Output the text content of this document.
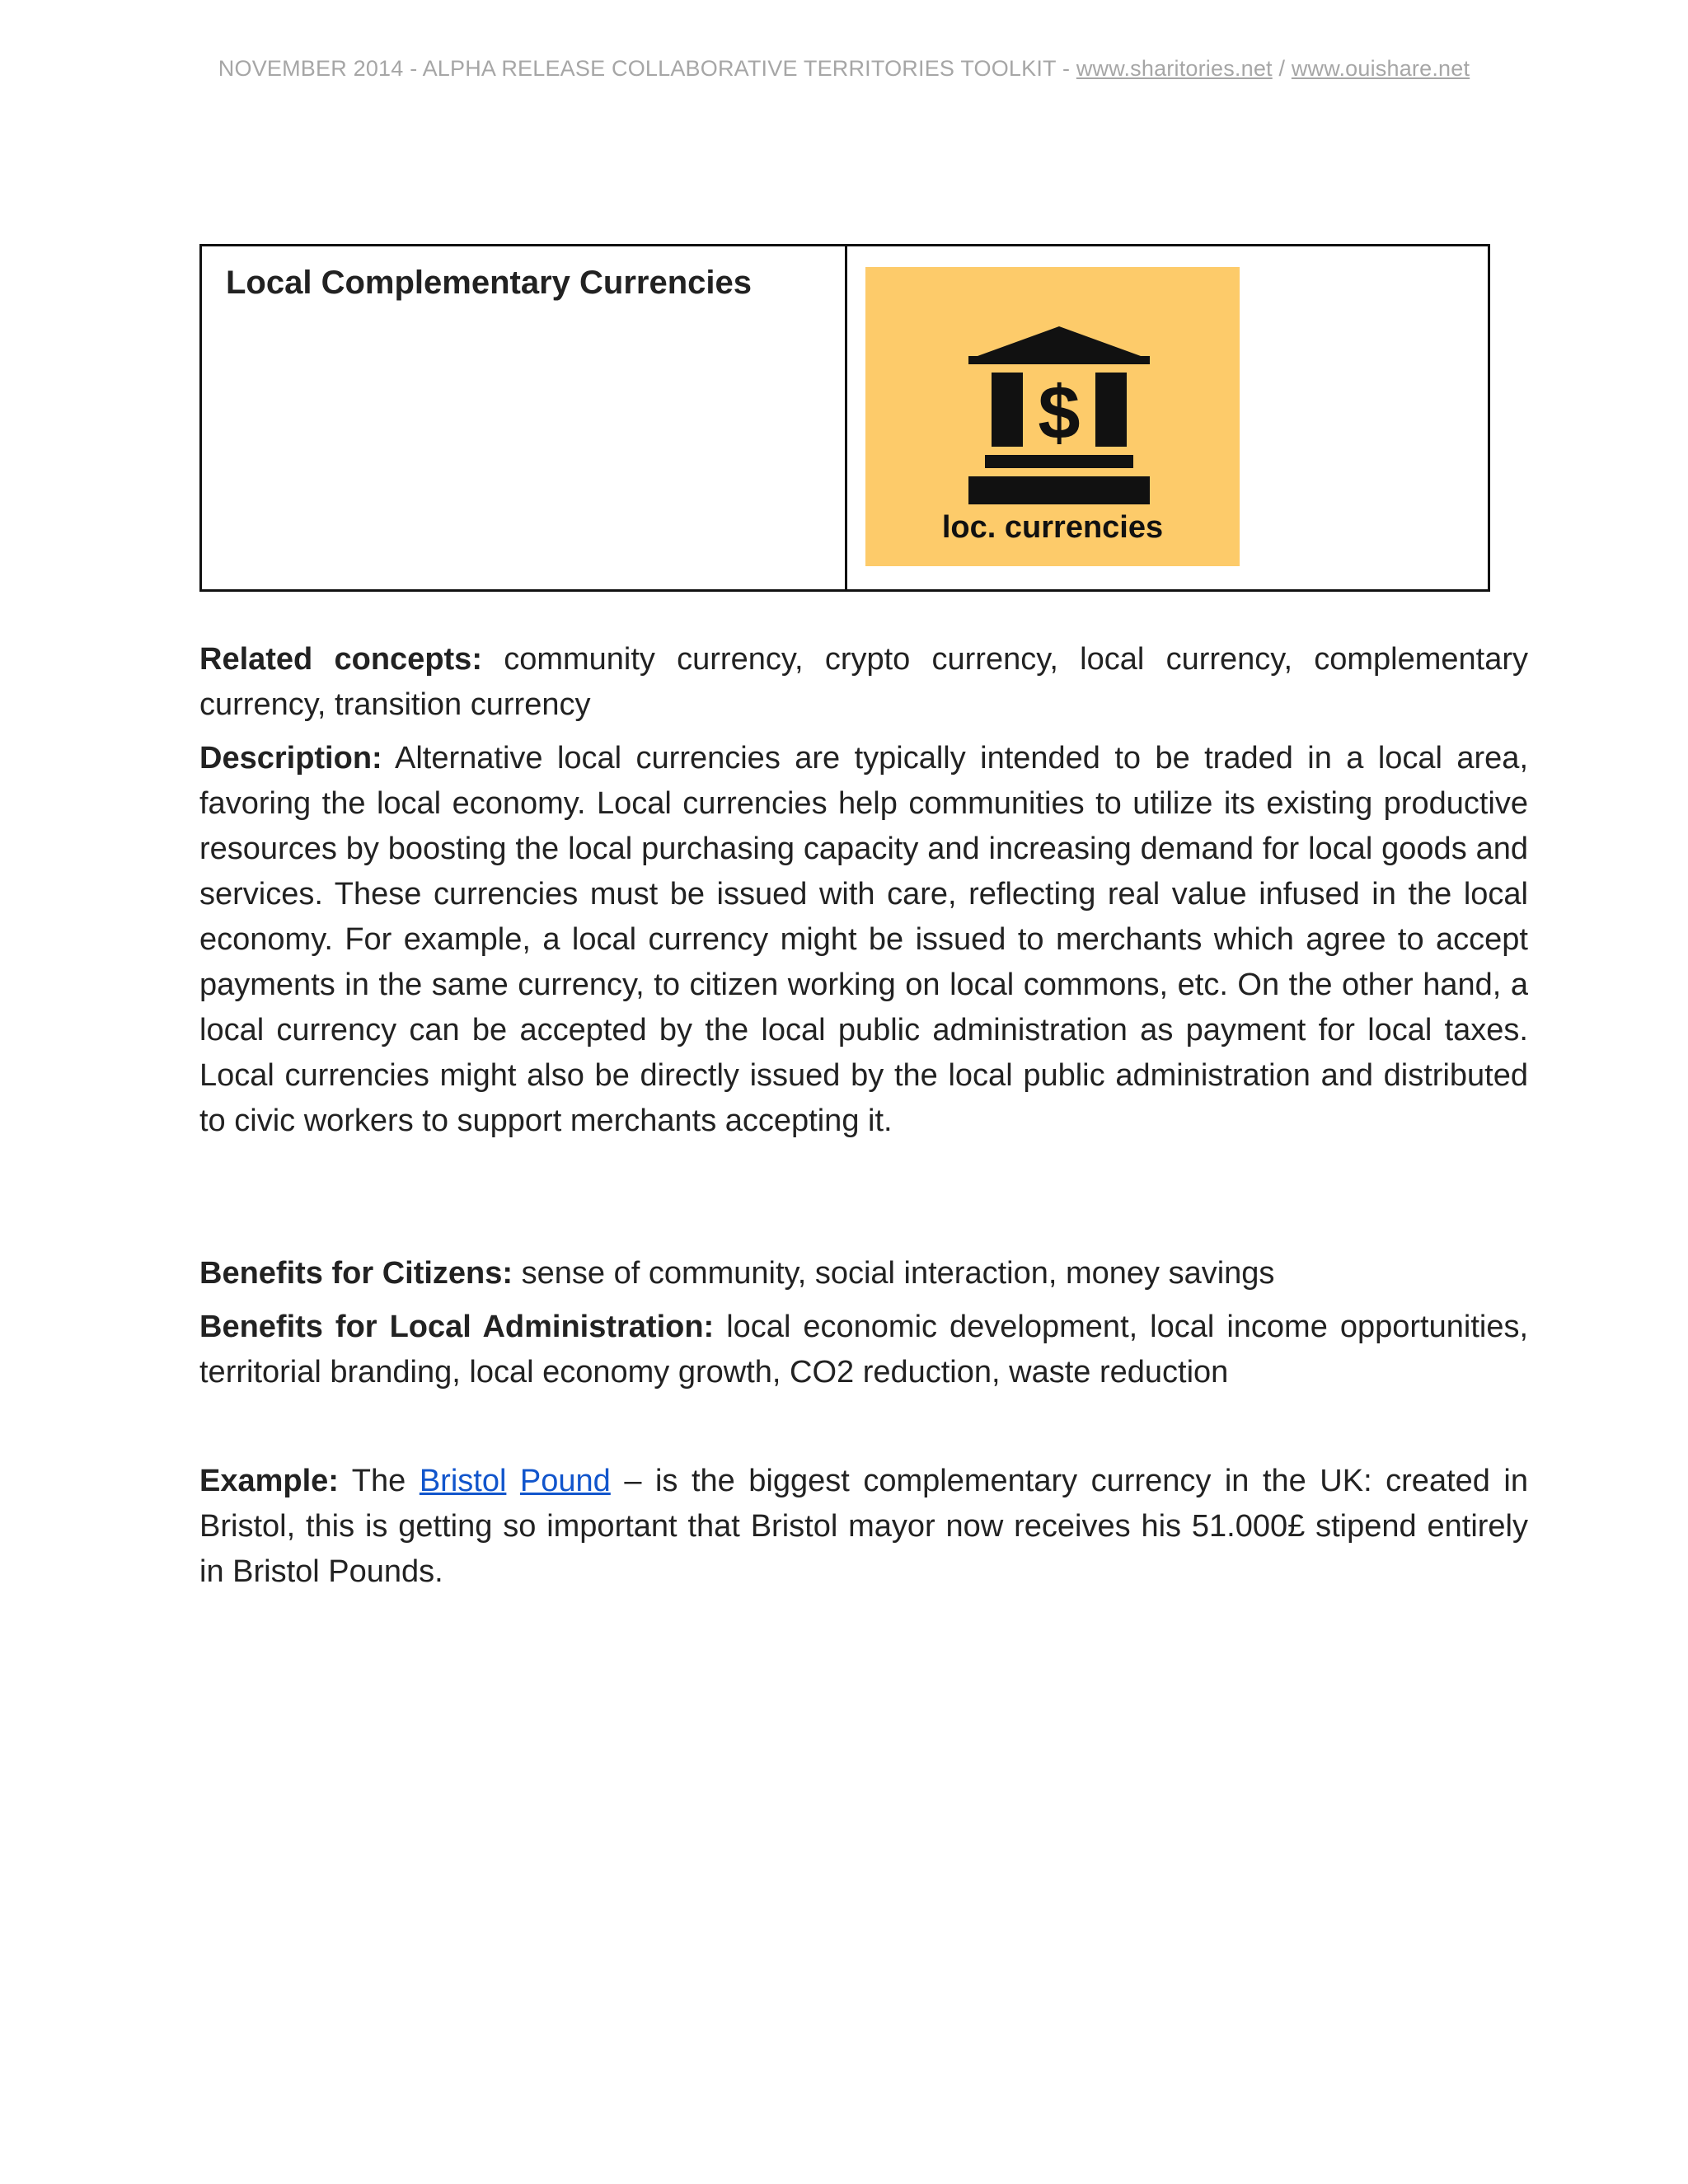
NOVEMBER 2014 - ALPHA RELEASE COLLABORATIVE TERRITORIES TOOLKIT - www.sharitories.net / www.ouishare.net
Local Complementary Currencies
$
loc. currencies
Related concepts: community currency, crypto currency, local currency, complementary currency, transition currency
Description: Alternative local currencies are typically intended to be traded in a local area, favoring the local economy. Local currencies help communities to utilize its existing productive resources by boosting the local purchasing capacity and increasing demand for local goods and services. These currencies must be issued with care, reflecting real value infused in the local economy. For example, a local currency might be issued to merchants which agree to accept payments in the same currency, to citizen working on local commons, etc. On the other hand, a local currency can be accepted by the local public administration as payment for local taxes. Local currencies might also be directly issued by the local public administration and distributed to civic workers to support merchants accepting it.
Benefits for Citizens: sense of community, social interaction, money savings
Benefits for Local Administration: local economic development, local income opportunities, territorial branding, local economy growth, CO2 reduction, waste reduction
Example: The Bristol Pound – is the biggest complementary currency in the UK: created in Bristol, this is getting so important that Bristol mayor now receives his 51.000£ stipend entirely in Bristol Pounds.
